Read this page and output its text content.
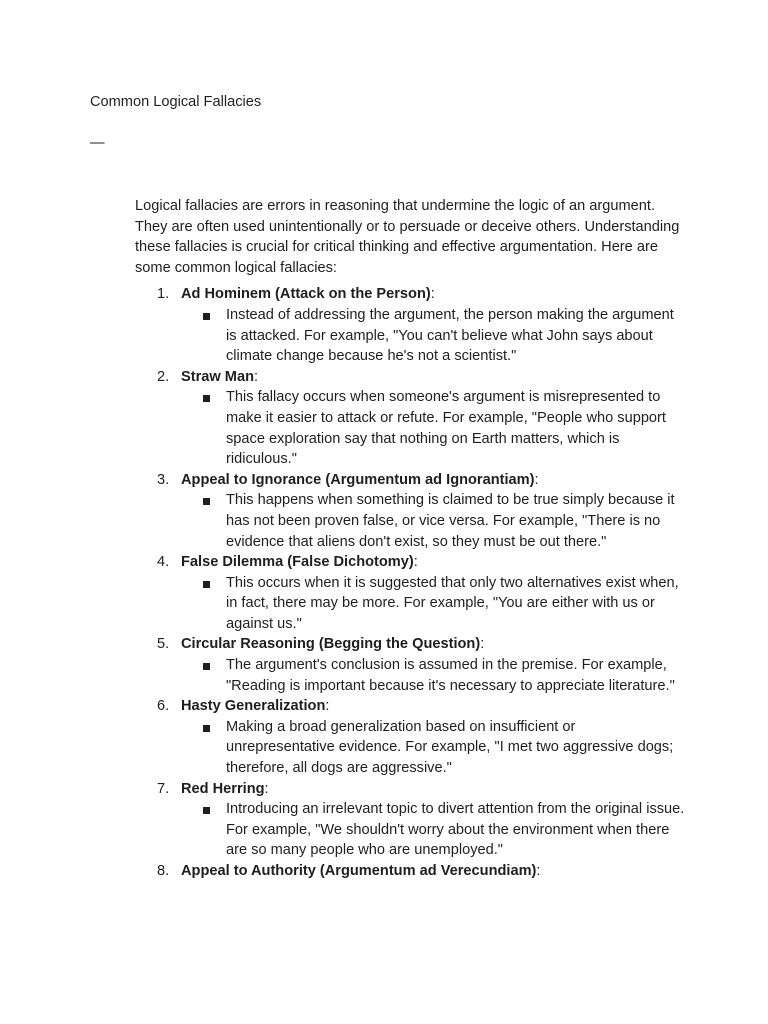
Common Logical Fallacies
—

Logical fallacies are errors in reasoning that undermine the logic of an argument. They are often used unintentionally or to persuade or deceive others. Understanding these fallacies is crucial for critical thinking and effective argumentation. Here are some common logical fallacies:

1. Ad Hominem (Attack on the Person):
Instead of addressing the argument, the person making the argument is attacked. For example, "You can't believe what John says about climate change because he's not a scientist."
2. Straw Man:
This fallacy occurs when someone's argument is misrepresented to make it easier to attack or refute. For example, "People who support space exploration say that nothing on Earth matters, which is ridiculous."
3. Appeal to Ignorance (Argumentum ad Ignorantiam):
This happens when something is claimed to be true simply because it has not been proven false, or vice versa. For example, "There is no evidence that aliens don't exist, so they must be out there."
4. False Dilemma (False Dichotomy):
This occurs when it is suggested that only two alternatives exist when, in fact, there may be more. For example, "You are either with us or against us."
5. Circular Reasoning (Begging the Question):
The argument's conclusion is assumed in the premise. For example, "Reading is important because it's necessary to appreciate literature."
6. Hasty Generalization:
Making a broad generalization based on insufficient or unrepresentative evidence. For example, "I met two aggressive dogs; therefore, all dogs are aggressive."
7. Red Herring:
Introducing an irrelevant topic to divert attention from the original issue. For example, "We shouldn't worry about the environment when there are so many people who are unemployed."
8. Appeal to Authority (Argumentum ad Verecundiam):
